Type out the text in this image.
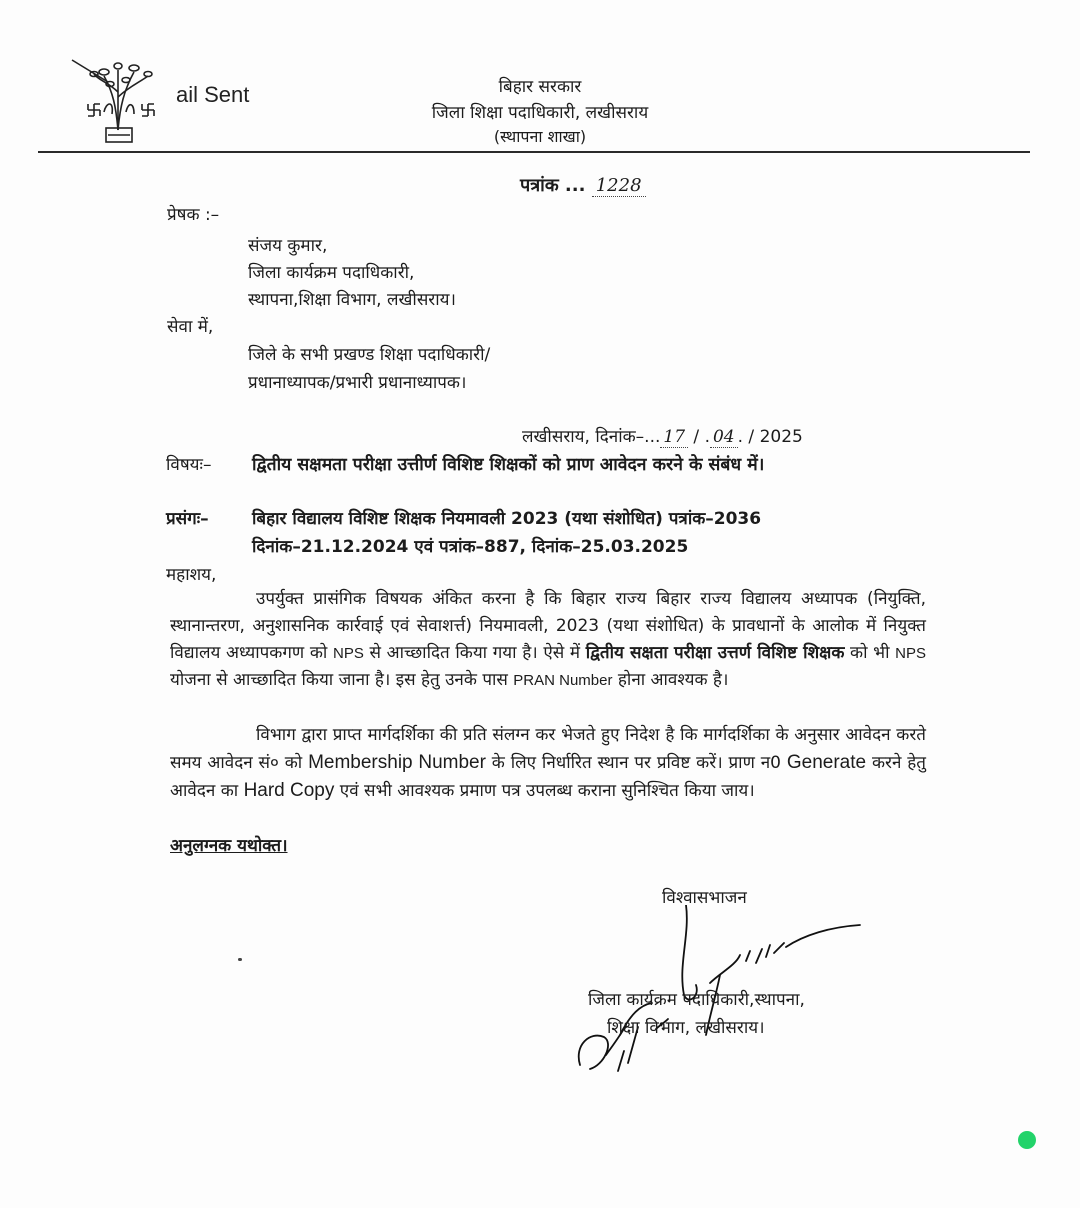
ail Sent	बिहार सरकार
जिला शिक्षा पदाधिकारी, लखीसराय
(स्थापना शाखा)
पत्रांक ... 1228
प्रेषक :–
संजय कुमार,
जिला कार्यक्रम पदाधिकारी,
स्थापना,शिक्षा विभाग, लखीसराय।
सेवा में,
जिले के सभी प्रखण्ड शिक्षा पदाधिकारी/
प्रधानाध्यापक/प्रभारी प्रधानाध्यापक।
लखीसराय, दिनांक–... 17 / . 04 . / 2025
विषयः– द्वितीय सक्षमता परीक्षा उत्तीर्ण विशिष्ट शिक्षकों को प्राण आवेदन करने के संबंध में।
प्रसंगः–	बिहार विद्यालय विशिष्ट शिक्षक नियमावली 2023 (यथा संशोधित) पत्रांक–2036
दिनांक–21.12.2024 एवं पत्रांक–887, दिनांक–25.03.2025
महाशय,
उपर्युक्त प्रासंगिक विषयक अंकित करना है कि बिहार राज्य बिहार राज्य विद्यालय अध्यापक (नियुक्ति, स्थानान्तरण, अनुशासनिक कार्रवाई एवं सेवाशर्त्त) नियमावली, 2023 (यथा संशोधित) के प्रावधानों के आलोक में नियुक्त विद्यालय अध्यापकगण को NPS से आच्छादित किया गया है। ऐसे में द्वितीय सक्षता परीक्षा उत्तर्ण विशिष्ट शिक्षक को भी NPS योजना से आच्छादित किया जाना है। इस हेतु उनके पास PRAN Number होना आवश्यक है।
विभाग द्वारा प्राप्त मार्गदर्शिका की प्रति संलग्न कर भेजते हुए निदेश है कि मार्गदर्शिका के अनुसार आवेदन करते समय आवेदन सं० को Membership Number के लिए निर्धारित स्थान पर प्रविष्ट करें। प्राण न0 Generate करने हेतु आवेदन का Hard Copy एवं सभी आवश्यक प्रमाण पत्र उपलब्ध कराना सुनिश्चित किया जाय।
अनुलग्नक यथोक्त।
विश्वासभाजन
जिला कार्यक्रम पदाधिकारी,स्थापना,
शिक्षा विभाग, लखीसराय।
